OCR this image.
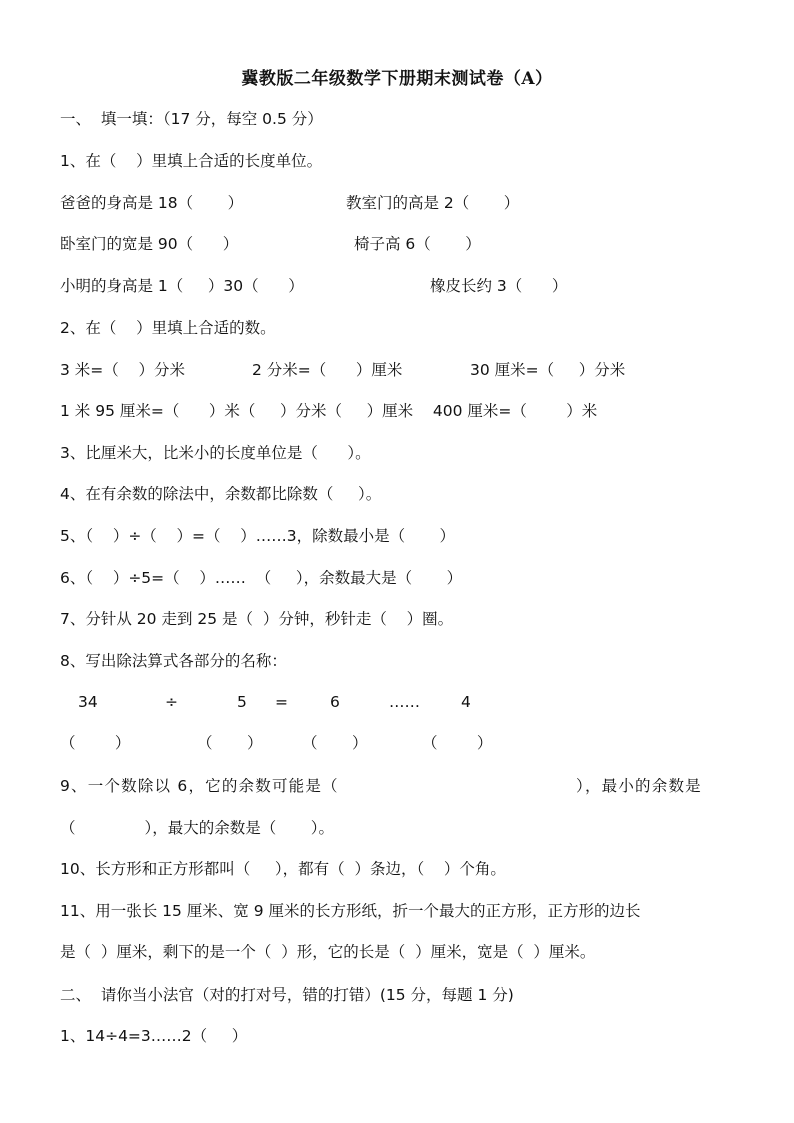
冀教版二年级数学下册期末测试卷（A）
一、  填一填：（17 分，每空 0.5 分）
1、在（    ）里填上合适的长度单位。
爸爸的身高是 18（       ）	教室门的高是 2（       ）
卧室门的宽是 90（      ）	椅子高 6（       ）
小明的身高是 1（     ）30（      ）	橡皮长约 3（      ）
2、在（    ）里填上合适的数。
3 米=（    ）分米	2 分米=（      ）厘米	30 厘米=（     ）分米
1 米 95 厘米=（      ）米（     ）分米（     ）厘米    400 厘米=（        ）米
3、比厘米大，比米小的长度单位是（      ）。
4、在有余数的除法中，余数都比除数（     ）。
5、（    ）÷（    ）=（    ）……3，除数最小是（       ）
6、（    ）÷5=（    ）……  （     ），余数最大是（       ）
7、分针从 20 走到 25 是（  ）分钟，秒针走（    ）圈。
8、写出除法算式各部分的名称：
34	÷	5 =	6	……	4
（        ）	（       ）	（       ）	（        ）
9、一个数除以 6，它的余数可能是（	），最小的余数是
（              ），最大的余数是（       ）。
10、长方形和正方形都叫（     ），都有（  ）条边，（    ）个角。
11、用一张长 15 厘米、宽 9 厘米的长方形纸，折一个最大的正方形，正方形的边长
是（  ）厘米，剩下的是一个（  ）形，它的长是（  ）厘米，宽是（  ）厘米。
二、  请你当小法官（对的打对号，错的打错）(15 分，每题 1 分)
1、14÷4=3……2（     ）
